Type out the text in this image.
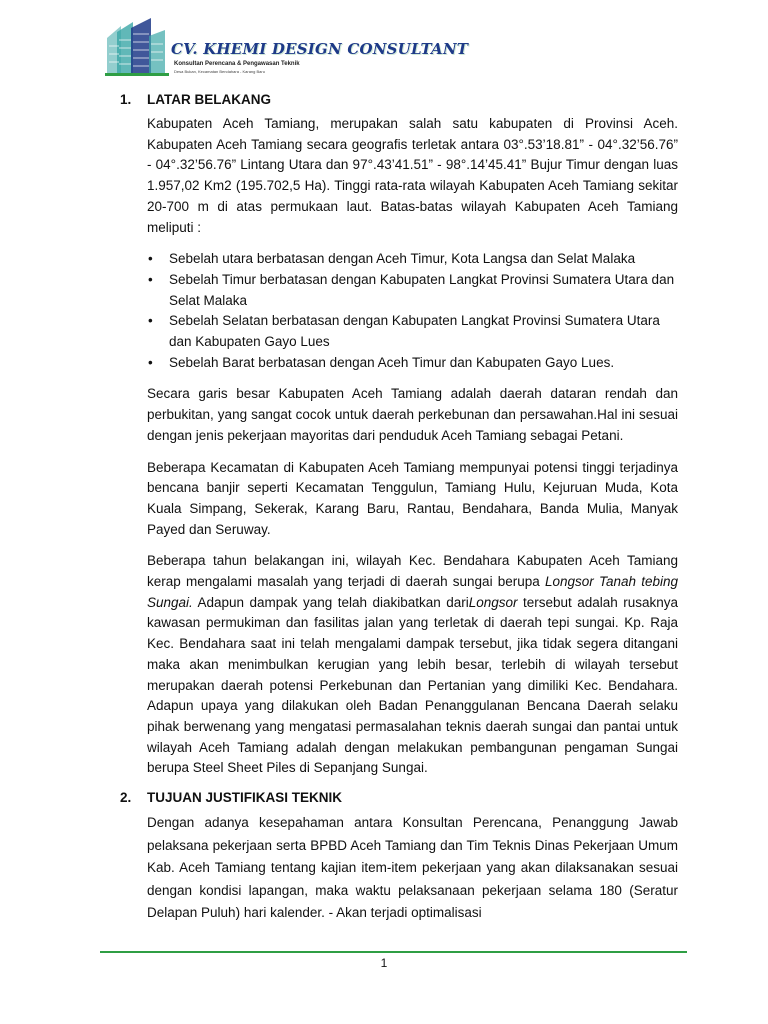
CV. KHEMI DESIGN CONSULTANT
Konsultan Perencana & Pengawasan Teknik
Desa Bukan, Kecamatan Bendahara - Karang Baru
1. LATAR BELAKANG

Kabupaten Aceh Tamiang, merupakan salah satu kabupaten di Provinsi Aceh. Kabupaten Aceh Tamiang secara geografis terletak antara 03°.53’18.81” - 04°.32’56.76” - 04°.32’56.76” Lintang Utara dan 97°.43’41.51” - 98°.14’45.41” Bujur Timur dengan luas 1.957,02 Km2 (195.702,5 Ha). Tinggi rata-rata wilayah Kabupaten Aceh Tamiang sekitar 20-700 m di atas permukaan laut. Batas-batas wilayah Kabupaten Aceh Tamiang meliputi :

• Sebelah utara berbatasan dengan Aceh Timur, Kota Langsa dan Selat Malaka
• Sebelah Timur berbatasan dengan Kabupaten Langkat Provinsi Sumatera Utara dan Selat Malaka
• Sebelah Selatan berbatasan dengan Kabupaten Langkat Provinsi Sumatera Utara dan Kabupaten Gayo Lues
• Sebelah Barat berbatasan dengan Aceh Timur dan Kabupaten Gayo Lues.

Secara garis besar Kabupaten Aceh Tamiang adalah daerah dataran rendah dan perbukitan, yang sangat cocok untuk daerah perkebunan dan persawahan.Hal ini sesuai dengan jenis pekerjaan mayoritas dari penduduk Aceh Tamiang sebagai Petani.

Beberapa Kecamatan di Kabupaten Aceh Tamiang mempunyai potensi tinggi terjadinya bencana banjir seperti Kecamatan Tenggulun, Tamiang Hulu, Kejuruan Muda, Kota Kuala Simpang, Sekerak, Karang Baru, Rantau, Bendahara, Banda Mulia, Manyak Payed dan Seruway.

Beberapa tahun belakangan ini, wilayah Kec. Bendahara Kabupaten Aceh Tamiang kerap mengalami masalah yang terjadi di daerah sungai berupa Longsor Tanah tebing Sungai. Adapun dampak yang telah diakibatkan dariLongsor tersebut adalah rusaknya kawasan permukiman dan fasilitas jalan yang terletak di daerah tepi sungai. Kp. Raja Kec. Bendahara saat ini telah mengalami dampak tersebut, jika tidak segera ditangani maka akan menimbulkan kerugian yang lebih besar, terlebih di wilayah tersebut merupakan daerah potensi Perkebunan dan Pertanian yang dimiliki Kec. Bendahara. Adapun upaya yang dilakukan oleh Badan Penanggulanan Bencana Daerah selaku pihak berwenang yang mengatasi permasalahan teknis daerah sungai dan pantai untuk wilayah Aceh Tamiang adalah dengan melakukan pembangunan pengaman Sungai berupa Steel Sheet Piles di Sepanjang Sungai.

2. TUJUAN JUSTIFIKASI TEKNIK

Dengan adanya kesepahaman antara Konsultan Perencana, Penanggung Jawab pelaksana pekerjaan serta BPBD Aceh Tamiang dan Tim Teknis Dinas Pekerjaan Umum Kab. Aceh Tamiang tentang kajian item-item pekerjaan yang akan dilaksanakan sesuai dengan kondisi lapangan, maka waktu pelaksanaan pekerjaan selama 180 (Seratur Delapan Puluh) hari kalender. - Akan terjadi optimalisasi

1
